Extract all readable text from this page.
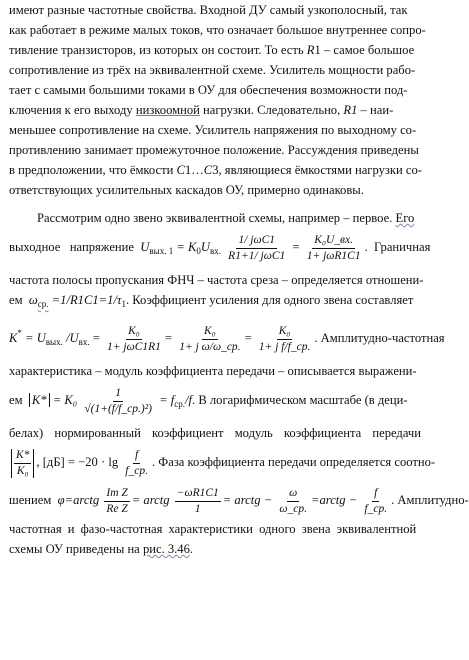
имеют разные частотные свойства. Входной ДУ самый узкополосный, так
как работает в режиме малых токов, что означает большое внутреннее сопро-
тивление транзисторов, из которых он состоит. То есть R1 – самое большое
сопротивление из трёх на эквивалентной схеме. Усилитель мощности рабо-
тает с самыми большими токами в ОУ для обеспечения возможности под-
ключения к его выходу низкоомной нагрузки. Следовательно, R1 – наи-
меньшее сопротивление на схеме. Усилитель напряжения по выходному со-
противлению занимает промежуточное положение. Рассуждения приведены
в предположении, что ёмкости C1…C3, являющиеся ёмкостями нагрузки со-
ответствующих усилительных каскадов ОУ, примерно одинаковы.
Рассмотрим одно звено эквивалентной схемы, например – первое. Его
выходное напряжение $U_{вых. 1} = K_0U_{вх.} \frac{\text{1/ jωC1}}{\text{R1+1/ jωC1}} = \frac{\text{K₀U\_вх.}}{\text{1+ jωR1C1}}$ .  Граничная
частота полосы пропускания ФНЧ – частота среза – определяется отношени-
ем $\omega_{ср.} =1/R1C1=1/\tau_1$. Коэффициент усиления для одного звена составляет
$K^* = U_{вых.}$ $/U_{вх.} = \frac{\text{K₀}}{\text{1+ jωC1R1}} = \frac{\text{K₀}}{\text{1+ j ω/ω\_ср.}} = \frac{\text{K₀}}{\text{1+ j f/f\_ср.}}$ . Амплитудно-частотная
характеристика – модуль коэффициента передачи – описывается выражени-
ем $K* = K_0 \frac{1}{\text{√(1+(f/f\_ср.)²)}} = f_{ср.}/f$. В логарифмическом масштабе (в деци-
белах) нормированный коэффициент модуль коэффициента передачи
$\frac{K*}{\text{K₀}}$ , $[дБ] = -20 \cdot \lg \frac{f}{f\_ср.}$ . Фаза коэффициента передачи определяется соотно-
шением φ=arctg $\frac{\text{Im Z}}{\text{Re Z}}$ = arctg $\frac{-\omega R1C1}{1}$ = arctg − $\frac{\omega}{\omega\_ср.}$ =arctg − $\frac{f}{f\_ср.}$ . Амплитудно-
частотная и фазо-частотная характеристики одного звена эквивалентной
схемы ОУ приведены на рис. 3.46.
